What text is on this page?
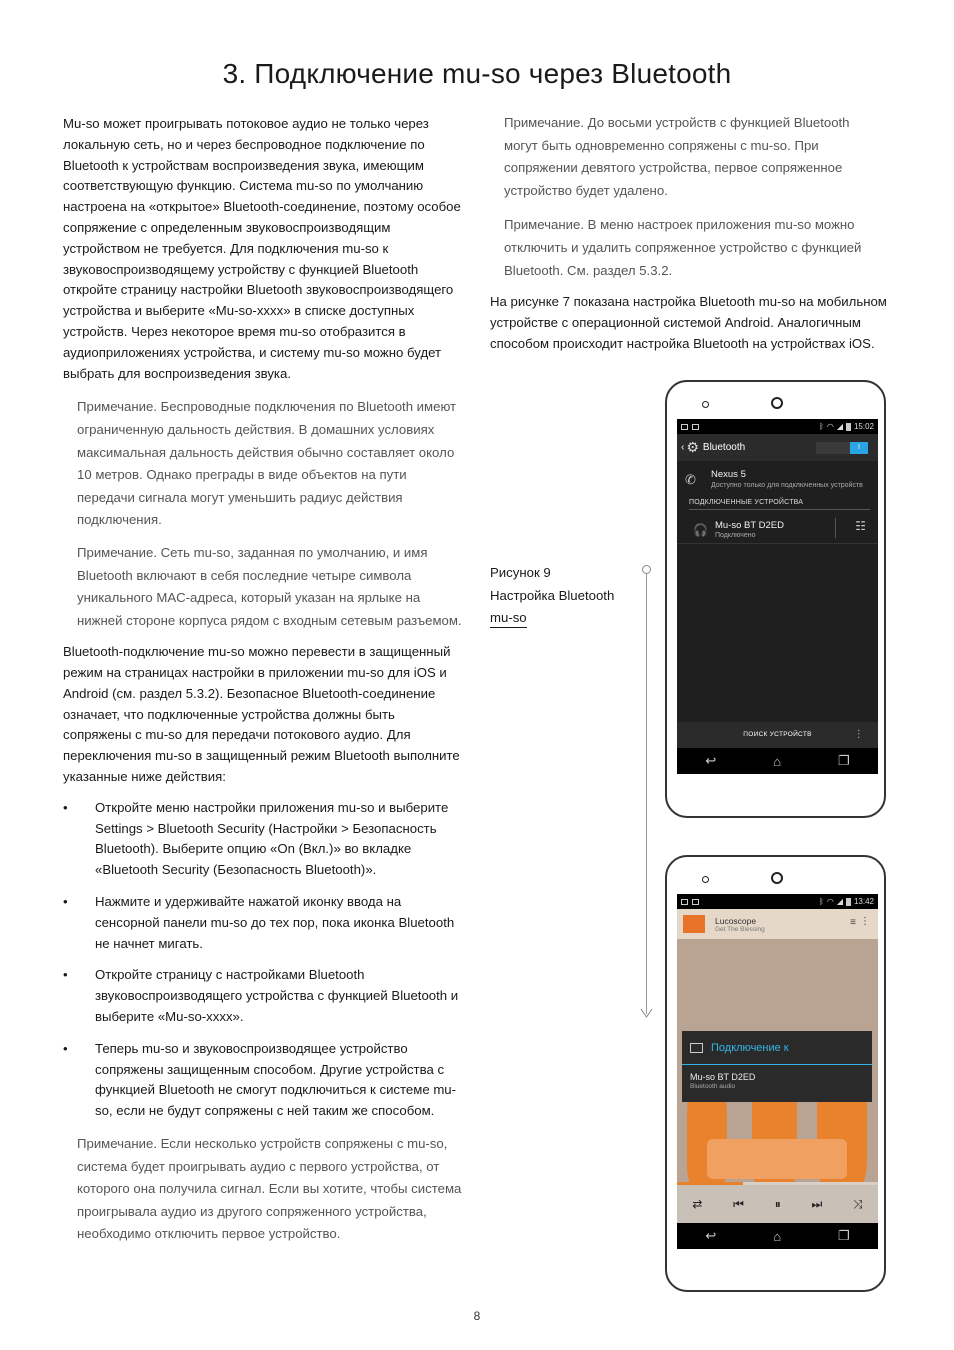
3. Подключение mu-so через Bluetooth

Mu-so может проигрывать потоковое аудио не только через локальную сеть, но и через беспроводное подключение по Bluetooth к устройствам воспроизведения звука, имеющим соответствующую функцию. Система mu-so по умолчанию настроена на «открытое» Bluetooth-соединение, поэтому особое сопряжение с определенным звуковоспроизводящим устройством не требуется. Для подключения mu-so к звуковоспроизводящему устройству с функцией Bluetooth откройте страницу настройки Bluetooth звуковоспроизводящего устройства и выберите «Mu-so-xxxx» в списке доступных устройств. Через некоторое время mu-so отобразится в аудиоприложениях устройства, и систему mu-so можно будет выбрать для воспроизведения звука.

Примечание. Беспроводные подключения по Bluetooth имеют ограниченную дальность действия. В домашних условиях максимальная дальность действия обычно составляет около 10 метров. Однако преграды в виде объектов на пути передачи сигнала могут уменьшить радиус действия подключения.

Примечание. Сеть mu-so, заданная по умолчанию, и имя Bluetooth включают в себя последние четыре символа уникального MAC-адреса, который указан на ярлыке на нижней стороне корпуса рядом с входным сетевым разъемом.

Bluetooth-подключение mu-so можно перевести в защищенный режим на страницах настройки в приложении mu-so для iOS и Android (см. раздел 5.3.2). Безопасное Bluetooth-соединение означает, что подключенные устройства должны быть сопряжены с mu-so для передачи потокового аудио. Для переключения mu-so в защищенный режим Bluetooth выполните указанные ниже действия:

• Откройте меню настройки приложения mu-so и выберите Settings > Bluetooth Security (Настройки > Безопасность Bluetooth). Выберите опцию «On (Вкл.)» во вкладке «Bluetooth Security (Безопасность Bluetooth)».
• Нажмите и удерживайте нажатой иконку ввода на сенсорной панели mu-so до тех пор, пока иконка Bluetooth не начнет мигать.
• Откройте страницу с настройками Bluetooth звуковоспроизводящего устройства с функцией Bluetooth и выберите «Mu-so-xxxx».
• Теперь mu-so и звуковоспроизводящее устройство сопряжены защищенным способом. Другие устройства с функцией Bluetooth не смогут подключиться к системе mu-so, если не будут сопряжены с ней таким же способом.

Примечание. Если несколько устройств сопряжены с mu-so, система будет проигрывать аудио с первого устройства, от которого она получила сигнал. Если вы хотите, чтобы система проигрывала аудио из другого сопряженного устройства, необходимо отключить первое устройство.

Примечание. До восьми устройств с функцией Bluetooth могут быть одновременно сопряжены с mu-so. При сопряжении девятого устройства, первое сопряженное устройство будет удалено.

Примечание. В меню настроек приложения mu-so можно отключить и удалить сопряженное устройство с функцией Bluetooth. См. раздел 5.3.2.

На рисунке 7 показана настройка Bluetooth mu-so на мобильном устройстве с операционной системой Android. Аналогичным способом происходит настройка Bluetooth на устройствах iOS.

Рисунок 9
Настройка Bluetooth
mu-so
ᛒ ◠ ◢ 15:02
‹ ⚙ Bluetooth	I
✆	Nexus 5
Доступно только для подключенных устройств
ПОДКЛЮЧЕННЫЕ УСТРОЙСТВА
🎧 Mu-so BT D2ED
Подключено
☷
ПОИСК УСТРОЙСТВ	⋮
↩	⌂	❐
ᛒ ◠ ◢ 13:42
Lucoscope
Get The Blessing
≡ ⋮
Подключение к
Mu-so BT D2ED
Bluetooth audio
⇄	⏮	⏸	⏭	⤨
↩	⌂	❐
8
